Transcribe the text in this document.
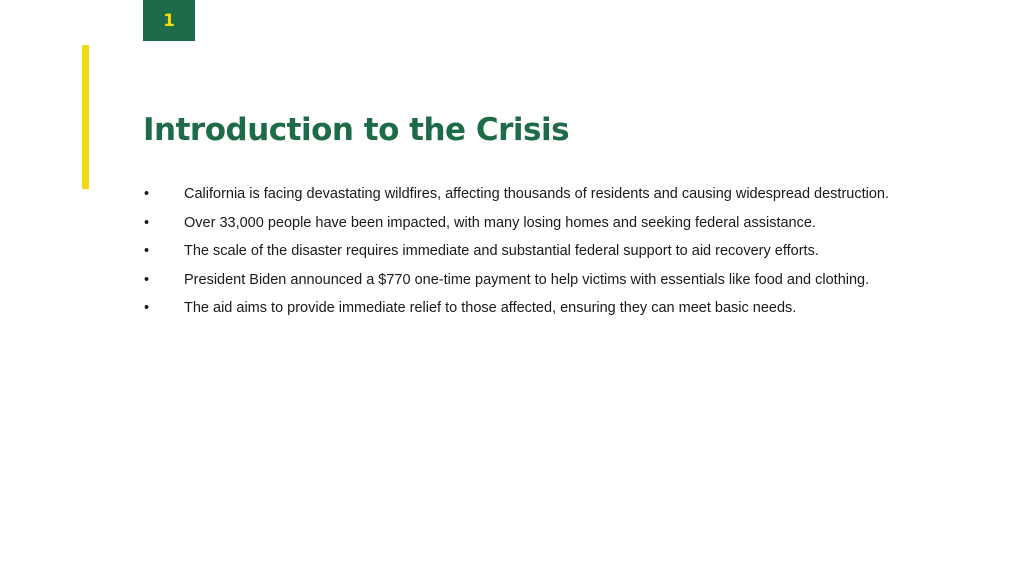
1
Introduction to the Crisis
•	California is facing devastating wildfires, affecting thousands of residents and causing widespread destruction.
•	Over 33,000 people have been impacted, with many losing homes and seeking federal assistance.
•	The scale of the disaster requires immediate and substantial federal support to aid recovery efforts.
•	President Biden announced a $770 one-time payment to help victims with essentials like food and clothing.
•	The aid aims to provide immediate relief to those affected, ensuring they can meet basic needs.
